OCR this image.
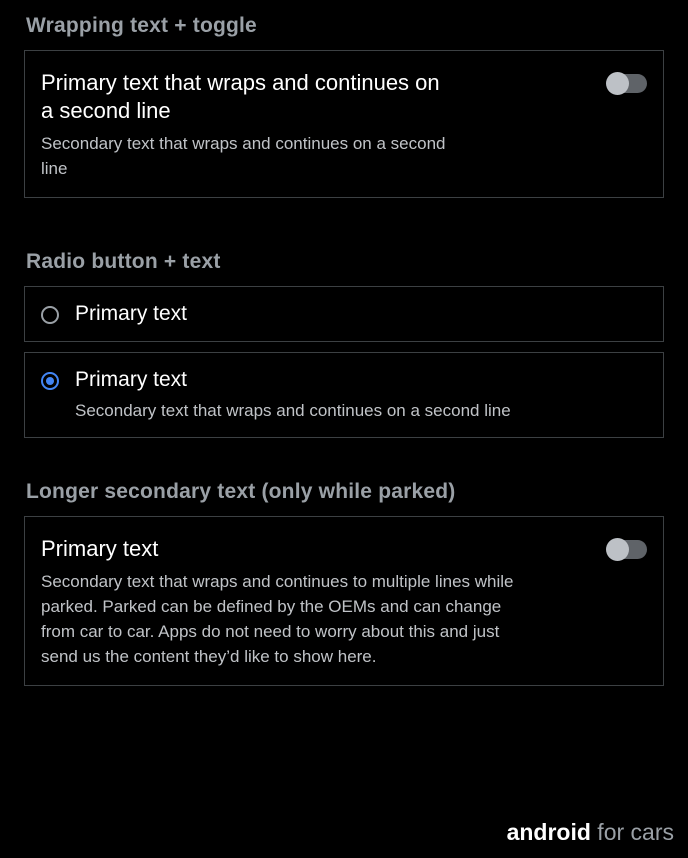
Wrapping text + toggle
Primary text that wraps and continues on a second line
Secondary text that wraps and continues on a second line
Radio button + text
Primary text
Primary text
Secondary text that wraps and continues on a second line
Longer secondary text (only while parked)
Primary text
Secondary text that wraps and continues to multiple lines while parked. Parked can be defined by the OEMs and can change from car to car. Apps do not need to worry about this and just send us the content they’d like to show here.
android for cars
